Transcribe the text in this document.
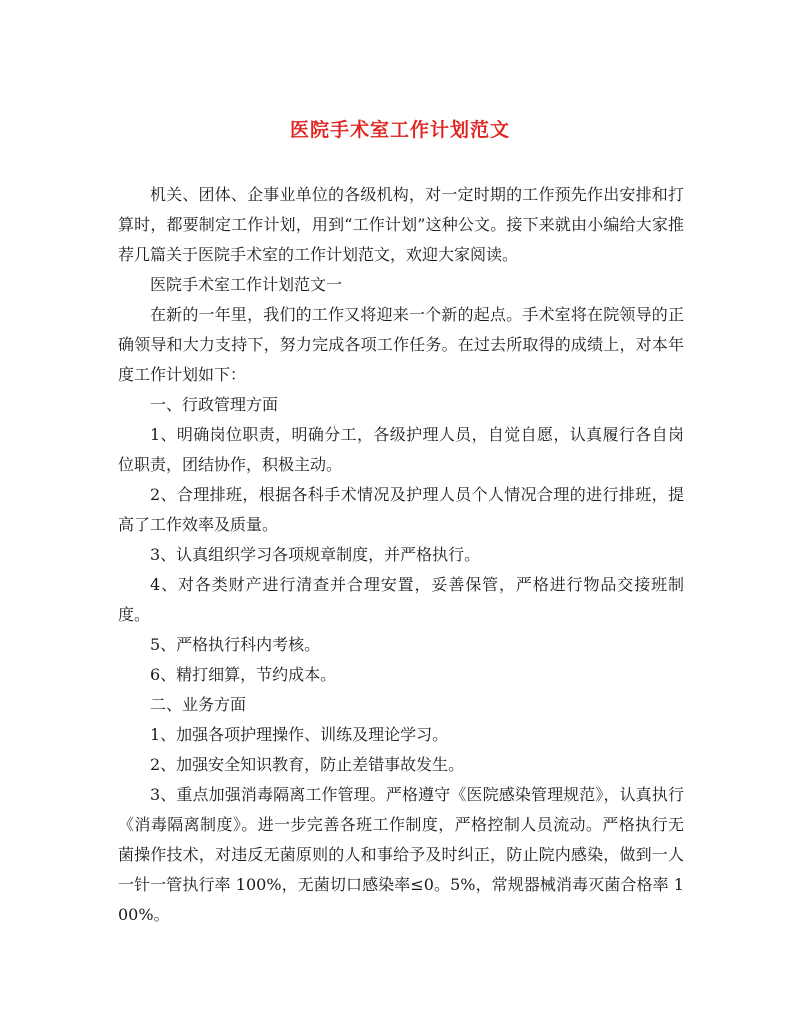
医院手术室工作计划范文

机关、团体、企事业单位的各级机构，对一定时期的工作预先作出安排和打算时，都要制定工作计划，用到“工作计划”这种公文。接下来就由小编给大家推荐几篇关于医院手术室的工作计划范文，欢迎大家阅读。

医院手术室工作计划范文一

在新的一年里，我们的工作又将迎来一个新的起点。手术室将在院领导的正确领导和大力支持下，努力完成各项工作任务。在过去所取得的成绩上，对本年度工作计划如下：

一、行政管理方面

1、明确岗位职责，明确分工，各级护理人员，自觉自愿，认真履行各自岗位职责，团结协作，积极主动。

2、合理排班，根据各科手术情况及护理人员个人情况合理的进行排班，提高了工作效率及质量。

3、认真组织学习各项规章制度，并严格执行。

4、对各类财产进行清查并合理安置，妥善保管，严格进行物品交接班制度。

5、严格执行科内考核。

6、精打细算，节约成本。

二、业务方面

1、加强各项护理操作、训练及理论学习。

2、加强安全知识教育，防止差错事故发生。

3、重点加强消毒隔离工作管理。严格遵守《医院感染管理规范》，认真执行《消毒隔离制度》。进一步完善各班工作制度，严格控制人员流动。严格执行无菌操作技术，对违反无菌原则的人和事给予及时纠正，防止院内感染，做到一人一针一管执行率 100%，无菌切口感染率≤0。5%，常规器械消毒灭菌合格率 100%。
